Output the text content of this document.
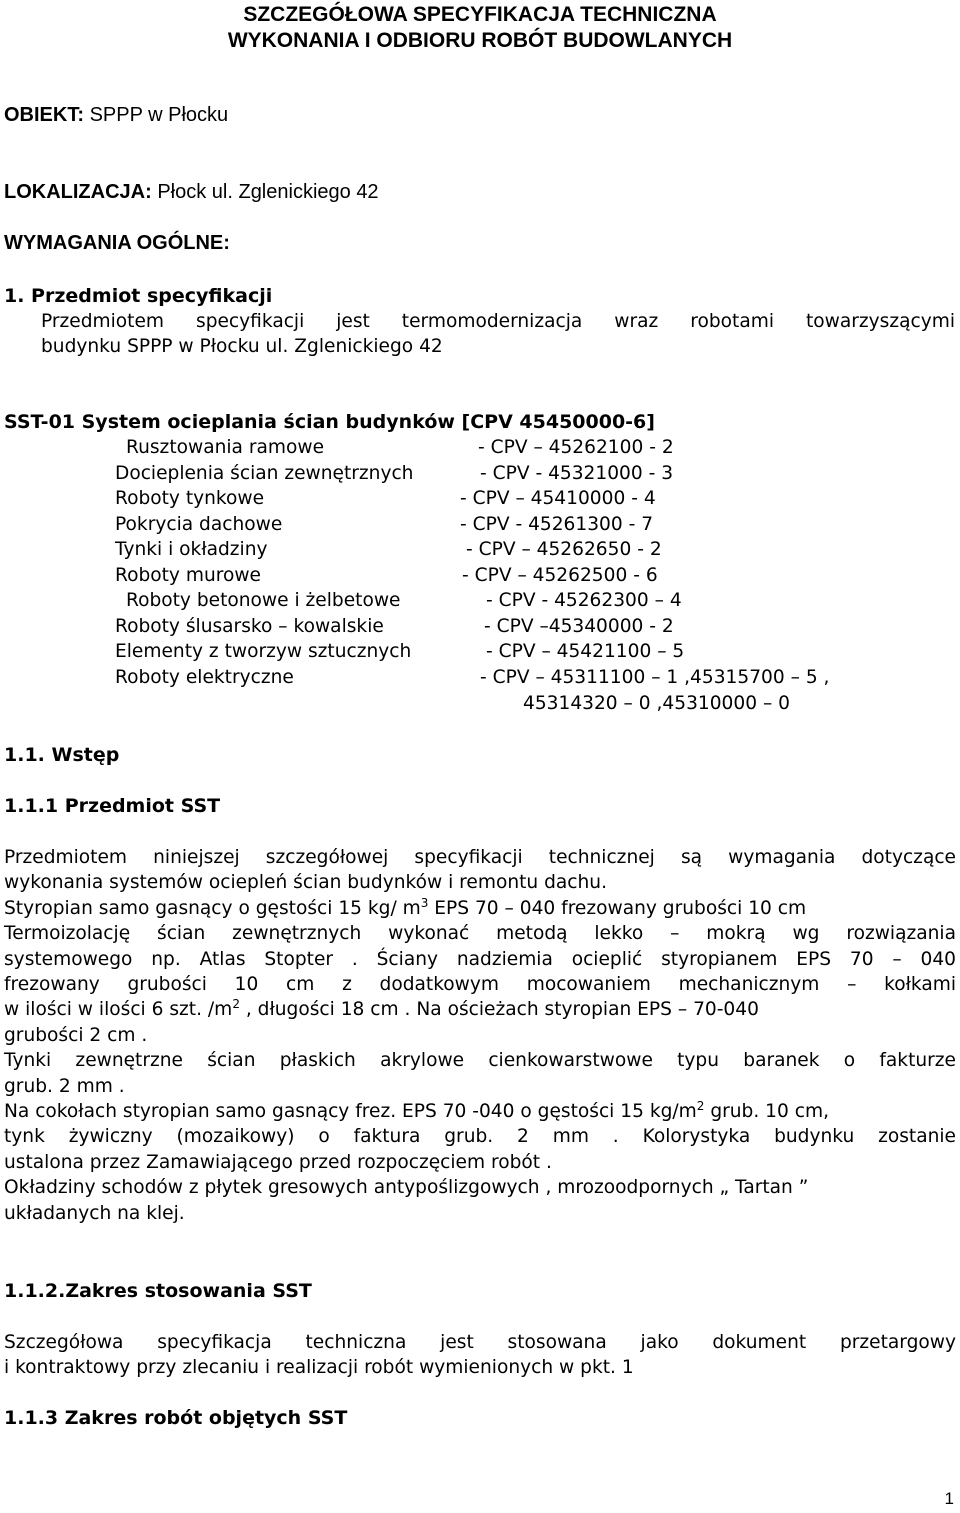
SZCZEGÓŁOWA SPECYFIKACJA TECHNICZNA
WYKONANIA I ODBIORU ROBÓT BUDOWLANYCH
OBIEKT: SPPP w Płocku
LOKALIZACJA: Płock ul. Zglenickiego 42
WYMAGANIA OGÓLNE:
1. Przedmiot specyfikacji
Przedmiotem specyfikacji jest termomodernizacja wraz robotami towarzyszącymi
budynku SPPP w Płocku ul. Zglenickiego 42
SST-01 System ocieplania ścian budynków [CPV 45450000-6]
Rusztowania ramowe	- CPV – 45262100 - 2
Docieplenia ścian zewnętrznych	- CPV - 45321000 - 3
Roboty tynkowe	- CPV – 45410000 - 4
Pokrycia dachowe	- CPV - 45261300 - 7
Tynki i okładziny	- CPV – 45262650 - 2
Roboty murowe	- CPV – 45262500 - 6
Roboty betonowe i żelbetowe	- CPV - 45262300 – 4
Roboty ślusarsko – kowalskie	- CPV –45340000 - 2
Elementy z tworzyw sztucznych	- CPV – 45421100 – 5
Roboty elektryczne	- CPV – 45311100 – 1 ,45315700 – 5 ,
45314320 – 0 ,45310000 – 0
1.1. Wstęp
1.1.1 Przedmiot SST
Przedmiotem niniejszej szczegółowej specyfikacji technicznej są wymagania dotyczące
wykonania systemów ociepleń ścian budynków i remontu dachu.
Styropian samo gasnący o gęstości 15 kg/ $m^3$ EPS 70 – 040 frezowany grubości 10 cm
Termoizolację ścian zewnętrznych wykonać metodą lekko – mokrą wg rozwiązania
systemowego np. Atlas Stopter . Ściany nadziemia ocieplić styropianem EPS 70 – 040
frezowany grubości 10 cm z dodatkowym mocowaniem mechanicznym – kołkami
w ilości w ilości 6 szt. $/m^2$ , długości 18 cm . Na ościeżach styropian EPS – 70-040
grubości 2 cm .
Tynki zewnętrzne ścian płaskich akrylowe cienkowarstwowe typu baranek o fakturze
grub. 2 mm .
Na cokołach styropian samo gasnący frez. EPS 70 -040 o gęstości 15 $kg/m^2$ grub. 10 cm,
tynk żywiczny (mozaikowy) o faktura grub. 2 mm . Kolorystyka budynku zostanie
ustalona przez Zamawiającego przed rozpoczęciem robót .
Okładziny schodów z płytek gresowych antypoślizgowych , mrozoodpornych „ Tartan ”
układanych na klej.
1.1.2.Zakres stosowania SST
Szczegółowa specyfikacja techniczna jest stosowana jako dokument przetargowy
i kontraktowy przy zlecaniu i realizacji robót wymienionych w pkt. 1
1.1.3 Zakres robót objętych SST
1
